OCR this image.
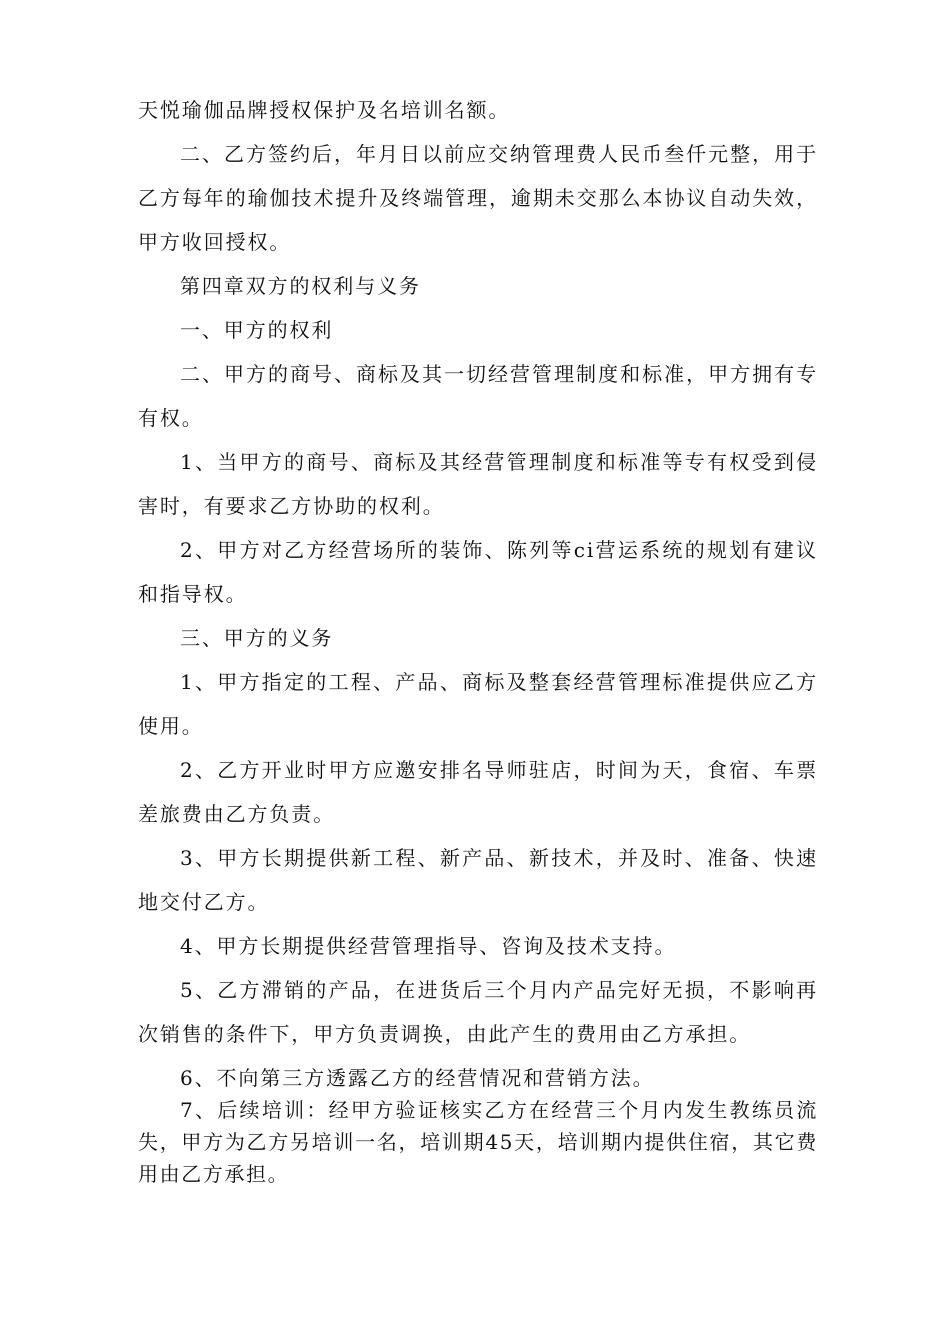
天悦瑜伽品牌授权保护及名培训名额。

二、乙方签约后，年月日以前应交纳管理费人民币叁仟元整，用于乙方每年的瑜伽技术提升及终端管理，逾期未交那么本协议自动失效，甲方收回授权。

第四章双方的权利与义务

一、甲方的权利

二、甲方的商号、商标及其一切经营管理制度和标准，甲方拥有专有权。

1、当甲方的商号、商标及其经营管理制度和标准等专有权受到侵害时，有要求乙方协助的权利。

2、甲方对乙方经营场所的装饰、陈列等ci营运系统的规划有建议和指导权。

三、甲方的义务

1、甲方指定的工程、产品、商标及整套经营管理标准提供应乙方使用。

2、乙方开业时甲方应邀安排名导师驻店，时间为天，食宿、车票差旅费由乙方负责。

3、甲方长期提供新工程、新产品、新技术，并及时、准备、快速地交付乙方。

4、甲方长期提供经营管理指导、咨询及技术支持。

5、乙方滞销的产品，在进货后三个月内产品完好无损，不影响再次销售的条件下，甲方负责调换，由此产生的费用由乙方承担。

6、不向第三方透露乙方的经营情况和营销方法。

7、后续培训：经甲方验证核实乙方在经营三个月内发生教练员流失，甲方为乙方另培训一名，培训期45天，培训期内提供住宿，其它费用由乙方承担。
